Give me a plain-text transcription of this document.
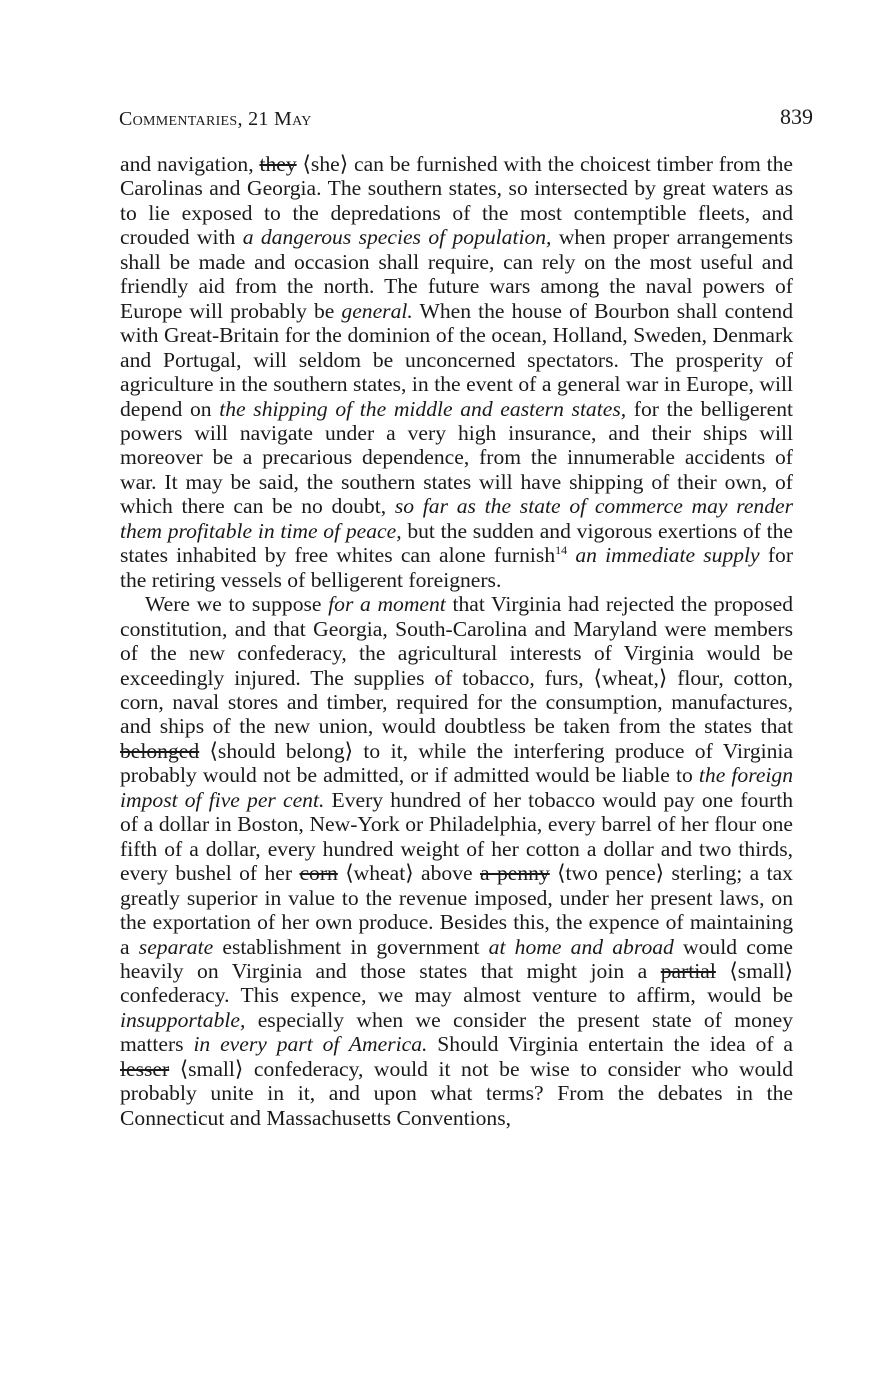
Commentaries, 21 May	839

and navigation, they ⟨she⟩ can be furnished with the choicest timber from the Carolinas and Georgia. The southern states, so intersected by great waters as to lie exposed to the depredations of the most contemptible fleets, and crouded with a dangerous species of population, when proper arrangements shall be made and occasion shall require, can rely on the most useful and friendly aid from the north. The future wars among the naval powers of Europe will probably be general. When the house of Bourbon shall contend with Great-Britain for the dominion of the ocean, Holland, Sweden, Denmark and Portugal, will seldom be unconcerned spectators. The prosperity of agriculture in the southern states, in the event of a general war in Europe, will depend on the shipping of the middle and eastern states, for the belligerent powers will navigate under a very high insurance, and their ships will moreover be a precarious dependence, from the innumerable accidents of war. It may be said, the southern states will have shipping of their own, of which there can be no doubt, so far as the state of commerce may render them profitable in time of peace, but the sudden and vigorous exertions of the states inhabited by free whites can alone furnish$^{14}$ an immediate supply for the retiring vessels of belligerent foreigners.

Were we to suppose for a moment that Virginia had rejected the proposed constitution, and that Georgia, South-Carolina and Maryland were members of the new confederacy, the agricultural interests of Virginia would be exceedingly injured. The supplies of tobacco, furs, ⟨wheat,⟩ flour, cotton, corn, naval stores and timber, required for the consumption, manufactures, and ships of the new union, would doubtless be taken from the states that belonged ⟨should belong⟩ to it, while the interfering produce of Virginia probably would not be admitted, or if admitted would be liable to the foreign impost of five per cent. Every hundred of her tobacco would pay one fourth of a dollar in Boston, New-York or Philadelphia, every barrel of her flour one fifth of a dollar, every hundred weight of her cotton a dollar and two thirds, every bushel of her corn ⟨wheat⟩ above a penny ⟨two pence⟩ sterling; a tax greatly superior in value to the revenue imposed, under her present laws, on the exportation of her own produce. Besides this, the expence of maintaining a separate establishment in government at home and abroad would come heavily on Virginia and those states that might join a partial ⟨small⟩ confederacy. This expence, we may almost venture to affirm, would be insupportable, especially when we consider the present state of money matters in every part of America. Should Virginia entertain the idea of a lesser ⟨small⟩ confederacy, would it not be wise to consider who would probably unite in it, and upon what terms? From the debates in the Connecticut and Massachusetts Conventions,
